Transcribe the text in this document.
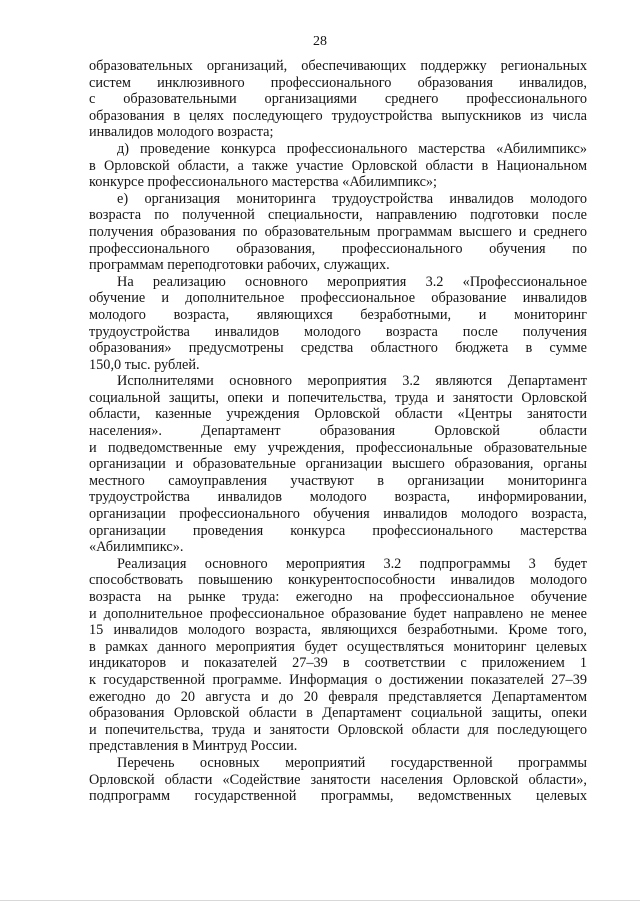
28
образовательных организаций, обеспечивающих поддержку региональных
систем инклюзивного профессионального образования инвалидов,
с образовательными организациями среднего профессионального
образования в целях последующего трудоустройства выпускников из числа
инвалидов молодого возраста;
д) проведение конкурса профессионального мастерства «Абилимпикс»
в Орловской области, а также участие Орловской области в Национальном
конкурсе профессионального мастерства «Абилимпикс»;
е) организация мониторинга трудоустройства инвалидов молодого
возраста по полученной специальности, направлению подготовки после
получения образования по образовательным программам высшего и среднего
профессионального образования, профессионального обучения по
программам переподготовки рабочих, служащих.
На реализацию основного мероприятия 3.2 «Профессиональное
обучение и дополнительное профессиональное образование инвалидов
молодого возраста, являющихся безработными, и мониторинг
трудоустройства инвалидов молодого возраста после получения
образования» предусмотрены средства областного бюджета в сумме
150,0 тыс. рублей.
Исполнителями основного мероприятия 3.2 являются Департамент
социальной защиты, опеки и попечительства, труда и занятости Орловской
области, казенные учреждения Орловской области «Центры занятости
населения». Департамент образования Орловской области
и подведомственные ему учреждения, профессиональные образовательные
организации и образовательные организации высшего образования, органы
местного самоуправления участвуют в организации мониторинга
трудоустройства инвалидов молодого возраста, информировании,
организации профессионального обучения инвалидов молодого возраста,
организации проведения конкурса профессионального мастерства
«Абилимпикс».
Реализация основного мероприятия 3.2 подпрограммы 3 будет
способствовать повышению конкурентоспособности инвалидов молодого
возраста на рынке труда: ежегодно на профессиональное обучение
и дополнительное профессиональное образование будет направлено не менее
15 инвалидов молодого возраста, являющихся безработными. Кроме того,
в рамках данного мероприятия будет осуществляться мониторинг целевых
индикаторов и показателей 27–39 в соответствии с приложением 1
к государственной программе. Информация о достижении показателей 27–39
ежегодно до 20 августа и до 20 февраля представляется Департаментом
образования Орловской области в Департамент социальной защиты, опеки
и попечительства, труда и занятости Орловской области для последующего
представления в Минтруд России.
Перечень основных мероприятий государственной программы
Орловской области «Содействие занятости населения Орловской области»,
подпрограмм государственной программы, ведомственных целевых
